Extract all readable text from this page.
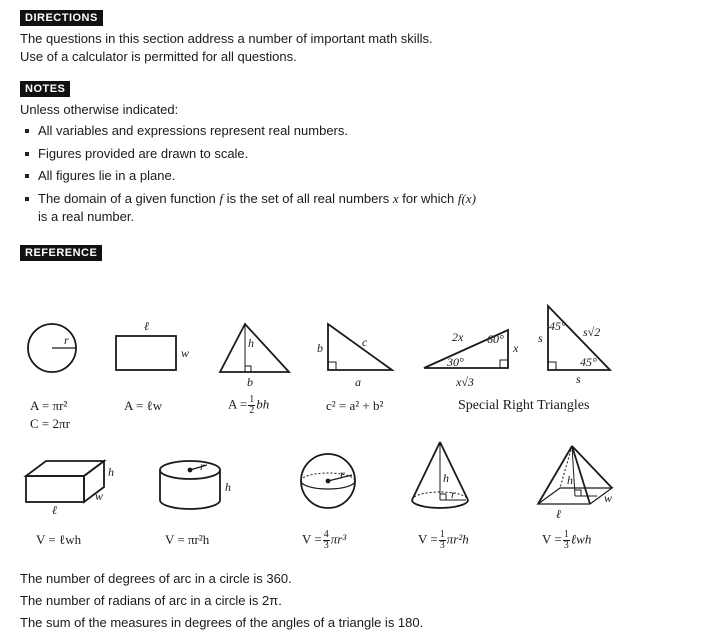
DIRECTIONS
The questions in this section address a number of important math skills.
Use of a calculator is permitted for all questions.
NOTES
Unless otherwise indicated:
All variables and expressions represent real numbers.
Figures provided are drawn to scale.
All figures lie in a plane.
The domain of a given function f is the set of all real numbers x for which f(x)
is a real number.
REFERENCE
r
ℓ
w
h
b
b	c
a
2x 60°
x
30°
x√3
45° s√2
s
45°
s
h
w
ℓ
r
h
r	h
r
h
w
ℓ
A = πr²
C = 2πr
A = ℓw	$A = \frac{1}{2}$ bh	c² = a² + b²	Special Right Triangles
V = ℓwh	V = πr²h	$V = \frac{4}{3} \pi r^3$	$V = \frac{1}{3} \pi r^2h$	$V = \frac{1}{3}$ ℓwh
The number of degrees of arc in a circle is 360.
The number of radians of arc in a circle is 2π.
The sum of the measures in degrees of the angles of a triangle is 180.
